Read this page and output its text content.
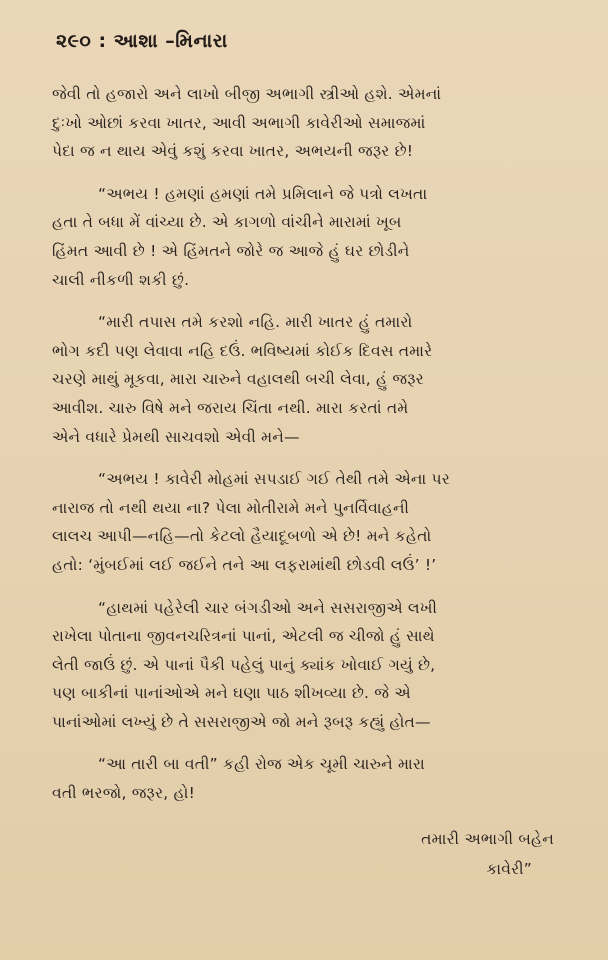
૨૯૦ : આશા –મિનારા
જેવી તો હજારો અને લાખો બીજી અભાગી સ્ત્રીઓ હશે. એમનાં
દુઃખો ઓછાં કરવા ખાતર, આવી અભાગી કાવેરીઓ સમાજમાં
પેદા જ ન થાય એવું કશું કરવા ખાતર, અભયની જરૂર છે!
“અભય ! હમણાં હમણાં તમે પ્રમિલાને જે પત્રો લખતા
હતા તે બધા મેં વાંચ્યા છે. એ કાગળો વાંચીને મારામાં ખૂબ
હિંમત આવી છે ! એ હિંમતને જોરે જ આજે હું ઘર છોડીને
ચાલી નીકળી શકી છું.
“મારી તપાસ તમે કરશો નહિ. મારી ખાતર હું તમારો
ભોગ કદી પણ લેવાવા નહિ દઉં. ભવિષ્યમાં કોઈક દિવસ તમારે
ચરણે માથું મૂકવા, મારા ચારુને વહાલથી બચી લેવા, હું જરૂર
આવીશ. ચારુ વિષે મને જરાય ચિંતા નથી. મારા કરતાં તમે
એને વધારે પ્રેમથી સાચવશો એવી મને—
“અભય ! કાવેરી મોહમાં સપડાઈ ગઈ તેથી તમે એના પર
નારાજ તો નથી થયા ના? પેલા મોતીરામે મને પુનર્વિવાહની
લાલચ આપી—નહિ—તો કેટલો હૈયાદૂબળો એ છે! મને કહેતો
હતો: ‘મુંબઈમાં લઈ જઈને તને આ લફરામાંથી છોડવી લઉં’ !’
“હાથમાં પહેરેલી ચાર બંગડીઓ અને સસરાજીએ લખી
રાખેલા પોતાના જીવનચરિત્રનાં પાનાં, એટલી જ ચીજો હું સાથે
લેતી જાઉં છું. એ પાનાં પૈકી પહેલું પાનું ક્યાંક ખોવાઈ ગયું છે,
પણ બાકીનાં પાનાંઓએ મને ઘણા પાઠ શીખવ્યા છે. જે એ
પાનાંઓમાં લખ્યું છે તે સસરાજીએ જો મને રૂબરૂ કહ્યું હોત—
“આ તારી બા વતી” કહી રોજ એક ચૂમી ચારુને મારા
વતી ભરજો, જરૂર, હો!
તમારી અભાગી બહેન
કાવેરી”
